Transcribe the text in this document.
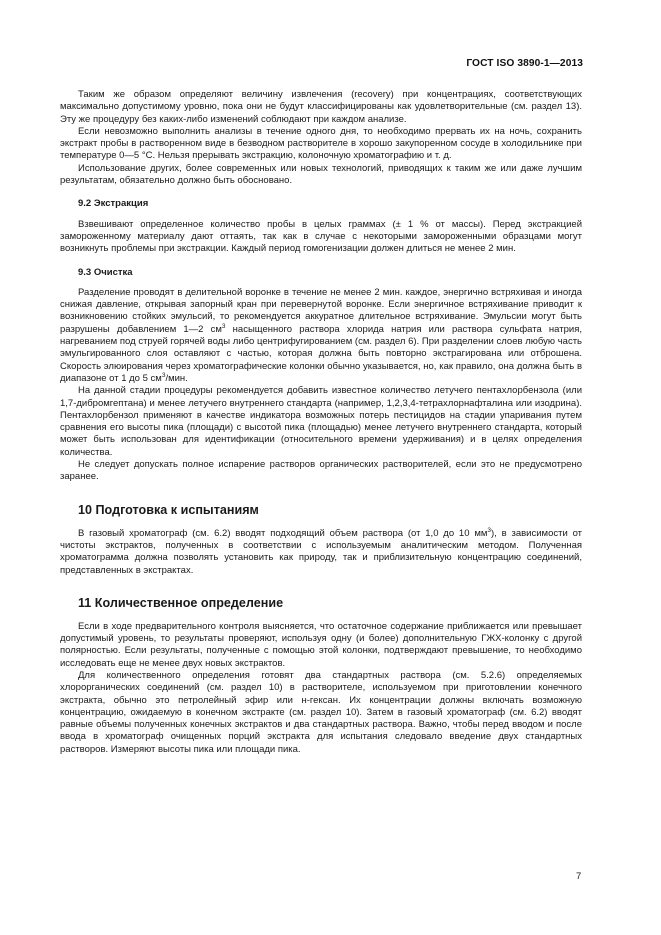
ГОСТ ISO 3890-1—2013

Таким же образом определяют величину извлечения (recovery) при концентрациях, соответствующих максимально допустимому уровню, пока они не будут классифицированы как удовлетворительные (см. раздел 13). Эту же процедуру без каких-либо изменений соблюдают при каждом анализе.

Если невозможно выполнить анализы в течение одного дня, то необходимо прервать их на ночь, сохранить экстракт пробы в растворенном виде в безводном растворителе в хорошо закупоренном сосуде в холодильнике при температуре 0—5 °С. Нельзя прерывать экстракцию, колоночную хроматографию и т. д.

Использование других, более современных или новых технологий, приводящих к таким же или даже лучшим результатам, обязательно должно быть обосновано.

9.2 Экстракция

Взвешивают определенное количество пробы в целых граммах (± 1 % от массы). Перед экстракцией замороженному материалу дают оттаять, так как в случае с некоторыми замороженными образцами могут возникнуть проблемы при экстракции. Каждый период гомогенизации должен длиться не менее 2 мин.

9.3 Очистка

Разделение проводят в делительной воронке в течение не менее 2 мин. каждое, энергично встряхивая и иногда снижая давление, открывая запорный кран при перевернутой воронке. Если энергичное встряхивание приводит к возникновению стойких эмульсий, то рекомендуется аккуратное длительное встряхивание. Эмульсии могут быть разрушены добавлением 1—2 $см^3$ насыщенного раствора хлорида натрия или раствора сульфата натрия, нагреванием под струей горячей воды либо центрифугированием (см. раздел 6). При разделении слоев любую часть эмульгированного слоя оставляют с частью, которая должна быть повторно экстрагирована или отброшена. Скорость элюирования через хроматографические колонки обычно указывается, но, как правило, она должна быть в диапазоне от 1 до 5 $см^3$/мин.

На данной стадии процедуры рекомендуется добавить известное количество летучего пентахлорбензола (или 1,7-дибромгептана) и менее летучего внутреннего стандарта (например, 1,2,3,4-тетрахлорнафталина или изодрина). Пентахлорбензол применяют в качестве индикатора возможных потерь пестицидов на стадии упаривания путем сравнения его высоты пика (площади) с высотой пика (площадью) менее летучего внутреннего стандарта, который может быть использован для идентификации (относительного времени удерживания) и в целях определения количества.

Не следует допускать полное испарение растворов органических растворителей, если это не предусмотрено заранее.

10 Подготовка к испытаниям

В газовый хроматограф (см. 6.2) вводят подходящий объем раствора (от 1,0 до 10 $мм^3$), в зависимости от чистоты экстрактов, полученных в соответствии с используемым аналитическим методом. Полученная хроматограмма должна позволять установить как природу, так и приблизительную концентрацию соединений, представленных в экстрактах.

11 Количественное определение

Если в ходе предварительного контроля выясняется, что остаточное содержание приближается или превышает допустимый уровень, то результаты проверяют, используя одну (и более) дополнительную ГЖХ-колонку с другой полярностью. Если результаты, полученные с помощью этой колонки, подтверждают превышение, то необходимо исследовать еще не менее двух новых экстрактов.

Для количественного определения готовят два стандартных раствора (см. 5.2.6) определяемых хлорорганических соединений (см. раздел 10) в растворителе, используемом при приготовлении конечного экстракта, обычно это петролейный эфир или н-гексан. Их концентрации должны включать возможную концентрацию, ожидаемую в конечном экстракте (см. раздел 10). Затем в газовый хроматограф (см. 6.2) вводят равные объемы полученных конечных экстрактов и два стандартных раствора. Важно, чтобы перед вводом и после ввода в хроматограф очищенных порций экстракта для испытания следовало введение двух стандартных растворов. Измеряют высоты пика или площади пика.

7
